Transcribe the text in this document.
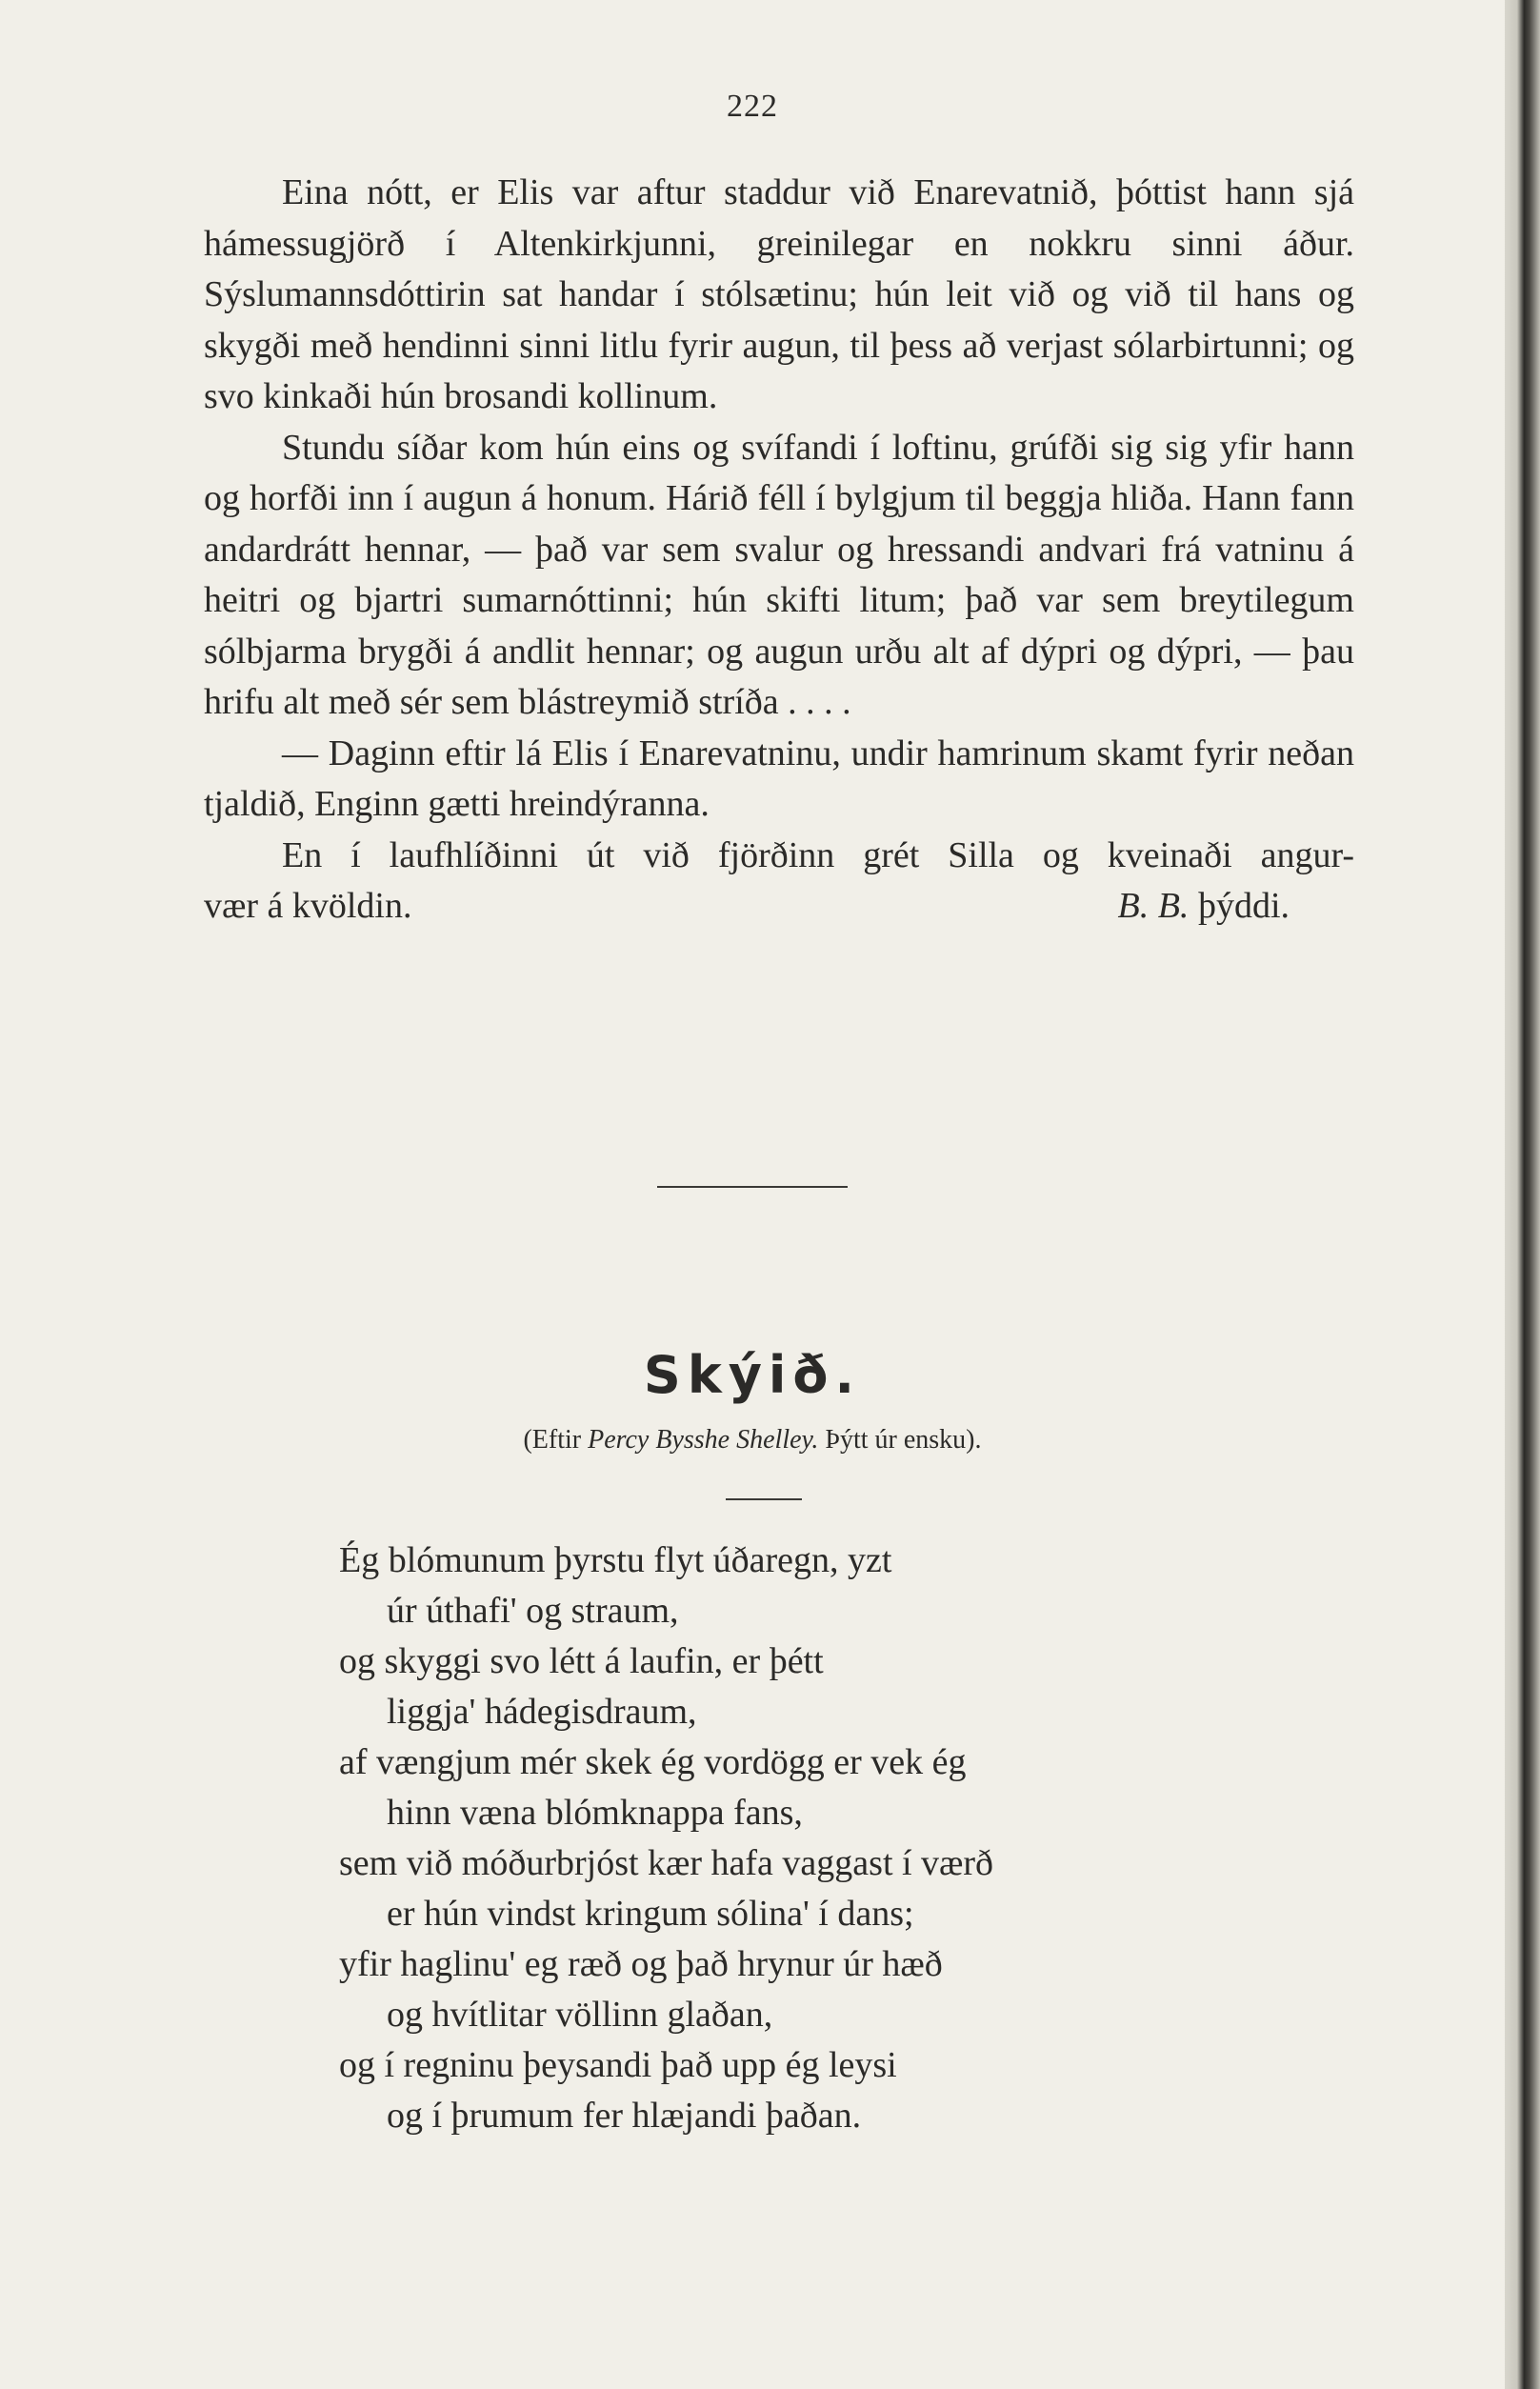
222

Eina nótt, er Elis var aftur staddur við Enarevatnið, þóttist hann sjá hámessugjörð í Altenkirkjunni, greinilegar en nokkru sinni áður. Sýslumannsdóttirin sat handar í stólsætinu; hún leit við og við til hans og skygði með hendinni sinni litlu fyrir augun, til þess að verjast sólarbirtunni; og svo kinkaði hún brosandi kollinum.

Stundu síðar kom hún eins og svífandi í loftinu, grúfði sig sig yfir hann og horfði inn í augun á honum. Hárið féll í bylgjum til beggja hliða. Hann fann andardrátt hennar, — það var sem svalur og hressandi andvari frá vatninu á heitri og bjartri sumarnóttinni; hún skifti litum; það var sem breytilegum sólbjarma brygði á andlit hennar; og augun urðu alt af dýpri og dýpri, — þau hrifu alt með sér sem blástreymið stríða . . . .

— Daginn eftir lá Elis í Enarevatninu, undir hamrinum skamt fyrir neðan tjaldið, Enginn gætti hreindýranna.

En í laufhlíðinni út við fjörðinn grét Silla og kveinaði angur-

vær á kvöldin.	B. B. þýddi.
Skýið.
(Eftir Percy Bysshe Shelley. Þýtt úr ensku).
Ég blómunum þyrstu flyt úðaregn, yzt
úr úthafi' og straum,
og skyggi svo létt á laufin, er þétt
liggja' hádegisdraum,
af vængjum mér skek ég vordögg er vek ég
hinn væna blómknappa fans,
sem við móðurbrjóst kær hafa vaggast í værð
er hún vindst kringum sólina' í dans;
yfir haglinu' eg ræð og það hrynur úr hæð
og hvítlitar völlinn glaðan,
og í regninu þeysandi það upp ég leysi
og í þrumum fer hlæjandi þaðan.
